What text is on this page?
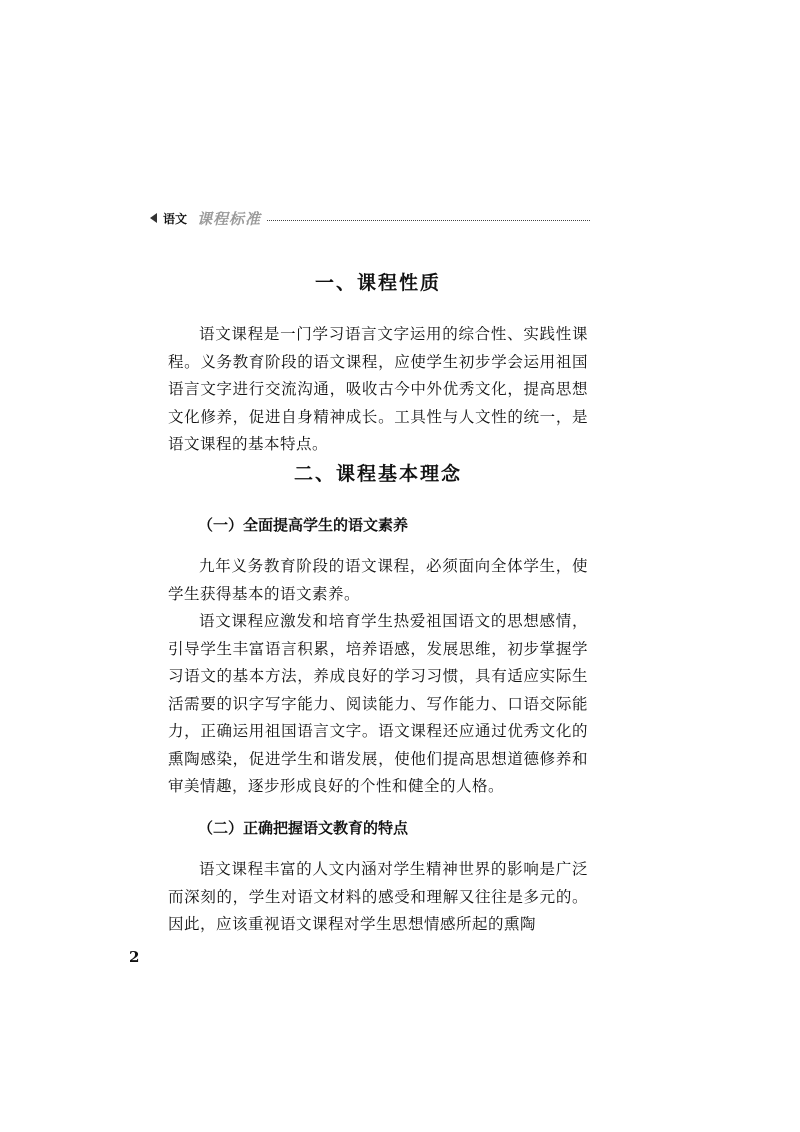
语文 课程标准
一、课程性质

语文课程是一门学习语言文字运用的综合性、实践性课程。义务教育阶段的语文课程，应使学生初步学会运用祖国语言文字进行交流沟通，吸收古今中外优秀文化，提高思想文化修养，促进自身精神成长。工具性与人文性的统一，是语文课程的基本特点。

二、课程基本理念

（一）全面提高学生的语文素养

九年义务教育阶段的语文课程，必须面向全体学生，使学生获得基本的语文素养。

语文课程应激发和培育学生热爱祖国语文的思想感情，引导学生丰富语言积累，培养语感，发展思维，初步掌握学习语文的基本方法，养成良好的学习习惯，具有适应实际生活需要的识字写字能力、阅读能力、写作能力、口语交际能力，正确运用祖国语言文字。语文课程还应通过优秀文化的熏陶感染，促进学生和谐发展，使他们提高思想道德修养和审美情趣，逐步形成良好的个性和健全的人格。

（二）正确把握语文教育的特点

语文课程丰富的人文内涵对学生精神世界的影响是广泛而深刻的，学生对语文材料的感受和理解又往往是多元的。因此，应该重视语文课程对学生思想情感所起的熏陶

2
